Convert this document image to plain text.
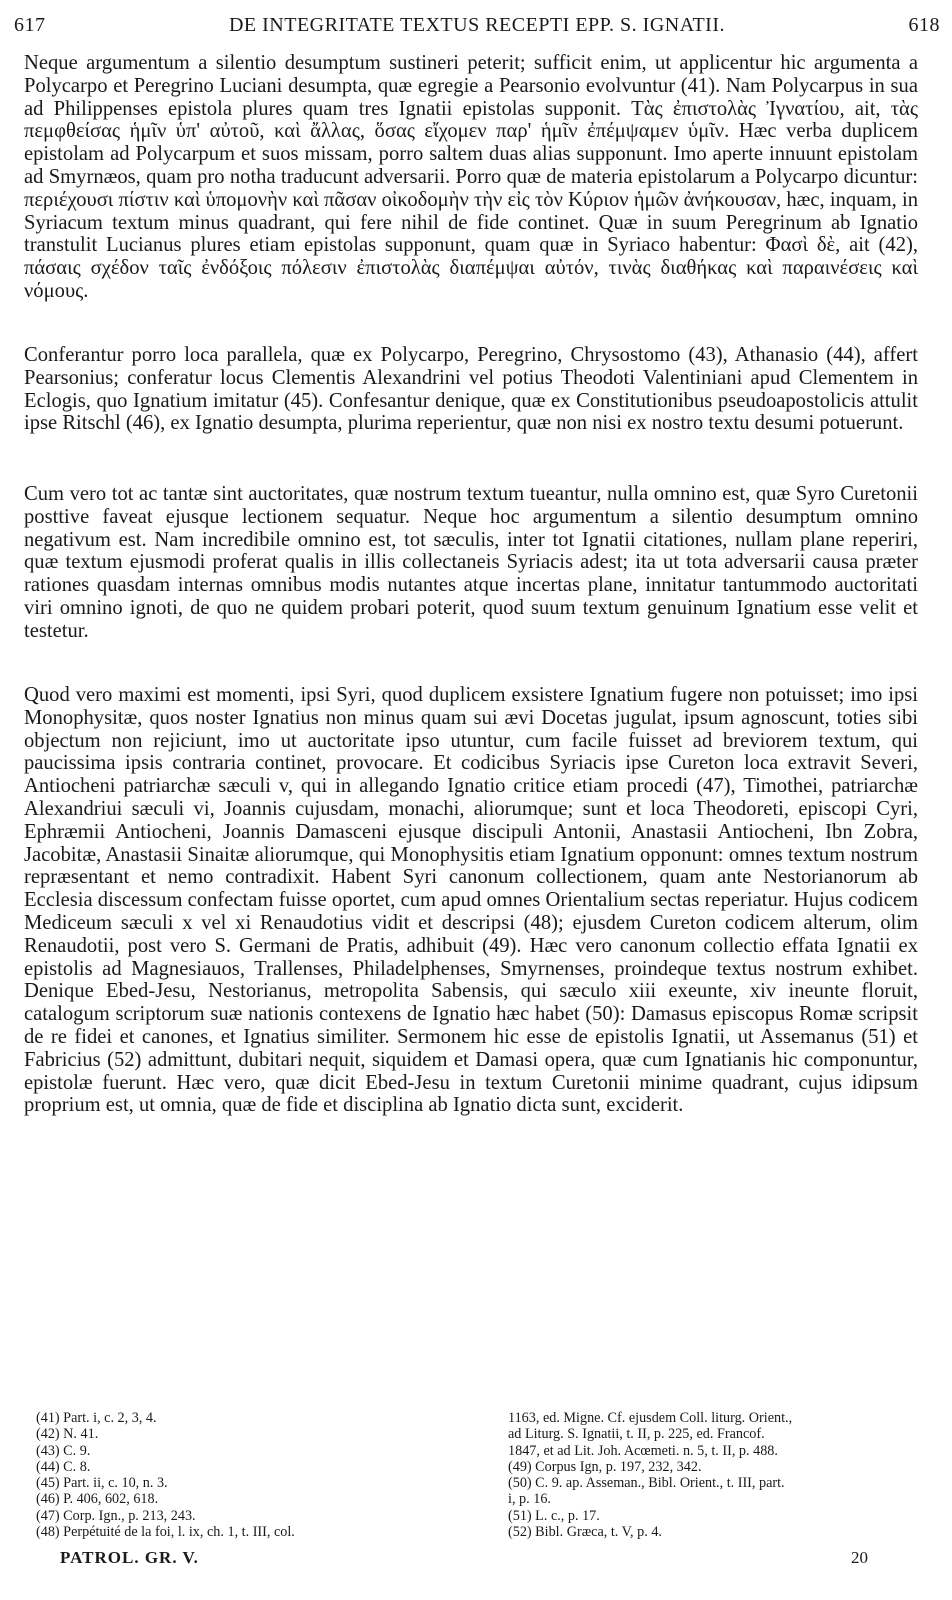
617	DE INTEGRITATE TEXTUS RECEPTI EPP. S. IGNATII.	618

Neque argumentum a silentio desumptum sustineri peterit; sufficit enim, ut applicentur hic argumenta a Polycarpo et Peregrino Luciani desumpta, quæ egregie a Pearsonio evolvuntur (41). Nam Polycarpus in sua ad Philippenses epistola plures quam tres Ignatii epistolas supponit. Τὰς ἐπιστολὰς Ἰγνατίου, ait, τὰς πεμφθείσας ἡμῖν ὑπ' αὐτοῦ, καὶ ἄλλας, ὅσας εἴχομεν παρ' ἡμῖν ἐπέμψαμεν ὑμῖν. Hæc verba duplicem epistolam ad Polycarpum et suos missam, porro saltem duas alias supponunt. Imo aperte innuunt epistolam ad Smyrnæos, quam pro notha traducunt adversarii. Porro quæ de materia epistolarum a Polycarpo dicuntur: περιέχουσι πίστιν καὶ ὑπομονὴν καὶ πᾶσαν οἰκοδομὴν τὴν εἰς τὸν Κύριον ἡμῶν ἀνήκουσαν, hæc, inquam, in Syriacum textum minus quadrant, qui fere nihil de fide continet. Quæ in suum Peregrinum ab Ignatio transtulit Lucianus plures etiam epistolas supponunt, quam quæ in Syriaco habentur: Φασὶ δὲ, ait (42), πάσαις σχέδον ταῖς ἐνδόξοις πόλεσιν ἐπιστολὰς διαπέμψαι αὐτόν, τινὰς διαθήκας καὶ παραινέσεις καὶ νόμους.

Conferantur porro loca parallela, quæ ex Polycarpo, Peregrino, Chrysostomo (43), Athanasio (44), affert Pearsonius; conferatur locus Clementis Alexandrini vel potius Theodoti Valentiniani apud Clementem in Eclogis, quo Ignatium imitatur (45). Confesantur denique, quæ ex Constitutionibus pseudoapostolicis attulit ipse Ritschl (46), ex Ignatio desumpta, plurima reperientur, quæ non nisi ex nostro textu desumi potuerunt.

Cum vero tot ac tantæ sint auctoritates, quæ nostrum textum tueantur, nulla omnino est, quæ Syro Curetonii posttive faveat ejusque lectionem sequatur. Neque hoc argumentum a silentio desumptum omnino negativum est. Nam incredibile omnino est, tot sæculis, inter tot Ignatii citationes, nullam plane reperiri, quæ textum ejusmodi proferat qualis in illis collectaneis Syriacis adest; ita ut tota adversarii causa præter rationes quasdam internas omnibus modis nutantes atque incertas plane, innitatur tantummodo auctoritati viri omnino ignoti, de quo ne quidem probari poterit, quod suum textum genuinum Ignatium esse velit et testetur.

Quod vero maximi est momenti, ipsi Syri, quod duplicem exsistere Ignatium fugere non potuisset; imo ipsi Monophysitæ, quos noster Ignatius non minus quam sui ævi Docetas jugulat, ipsum agnoscunt, toties sibi objectum non rejiciunt, imo ut auctoritate ipso utuntur, cum facile fuisset ad breviorem textum, qui paucissima ipsis contraria continet, provocare. Et codicibus Syriacis ipse Cureton loca extravit Severi, Antiocheni patriarchæ sæculi v, qui in allegando Ignatio critice etiam procedi (47), Timothei, patriarchæ Alexandriui sæculi vi, Joannis cujusdam, monachi, aliorumque; sunt et loca Theodoreti, episcopi Cyri, Ephræmii Antiocheni, Joannis Damasceni ejusque discipuli Antonii, Anastasii Antiocheni, Ibn Zobra, Jacobitæ, Anastasii Sinaitæ aliorumque, qui Monophysitis etiam Ignatium opponunt: omnes textum nostrum repræsentant et nemo contradixit. Habent Syri canonum collectionem, quam ante Nestorianorum ab Ecclesia discessum confectam fuisse oportet, cum apud omnes Orientalium sectas reperiatur. Hujus codicem Mediceum sæculi x vel xi Renaudotius vidit et descripsi (48); ejusdem Cureton codicem alterum, olim Renaudotii, post vero S. Germani de Pratis, adhibuit (49). Hæc vero canonum collectio effata Ignatii ex epistolis ad Magnesiauos, Trallenses, Philadelphenses, Smyrnenses, proindeque textus nostrum exhibet. Denique Ebed-Jesu, Nestorianus, metropolita Sabensis, qui sæculo xiii exeunte, xiv ineunte floruit, catalogum scriptorum suæ nationis contexens de Ignatio hæc habet (50): Damasus episcopus Romæ scripsit de re fidei et canones, et Ignatius similiter. Sermonem hic esse de epistolis Ignatii, ut Assemanus (51) et Fabricius (52) admittunt, dubitari nequit, siquidem et Damasi opera, quæ cum Ignatianis hic componuntur, epistolæ fuerunt. Hæc vero, quæ dicit Ebed-Jesu in textum Curetonii minime quadrant, cujus idipsum proprium est, ut omnia, quæ de fide et disciplina ab Ignatio dicta sunt, exciderit.

(41) Part. i, c. 2, 3, 4.
(42) N. 41.
(43) C. 9.
(44) C. 8.
(45) Part. ii, c. 10, n. 3.
(46) P. 406, 602, 618.
(47) Corp. Ign., p. 213, 243.
(48) Perpétuité de la foi, l. ix, ch. 1, t. III, col.
1163, ed. Migne. Cf. ejusdem Coll. liturg. Orient.,
ad Liturg. S. Ignatii, t. II, p. 225, ed. Francof.
1847, et ad Lit. Joh. Acœmeti. n. 5, t. II, p. 488.
(49) Corpus Ign, p. 197, 232, 342.
(50) C. 9. ap. Asseman., Bibl. Orient., t. III, part.
i, p. 16.
(51) L. c., p. 17.
(52) Bibl. Græca, t. V, p. 4.
PATROL. GR. V.	20
